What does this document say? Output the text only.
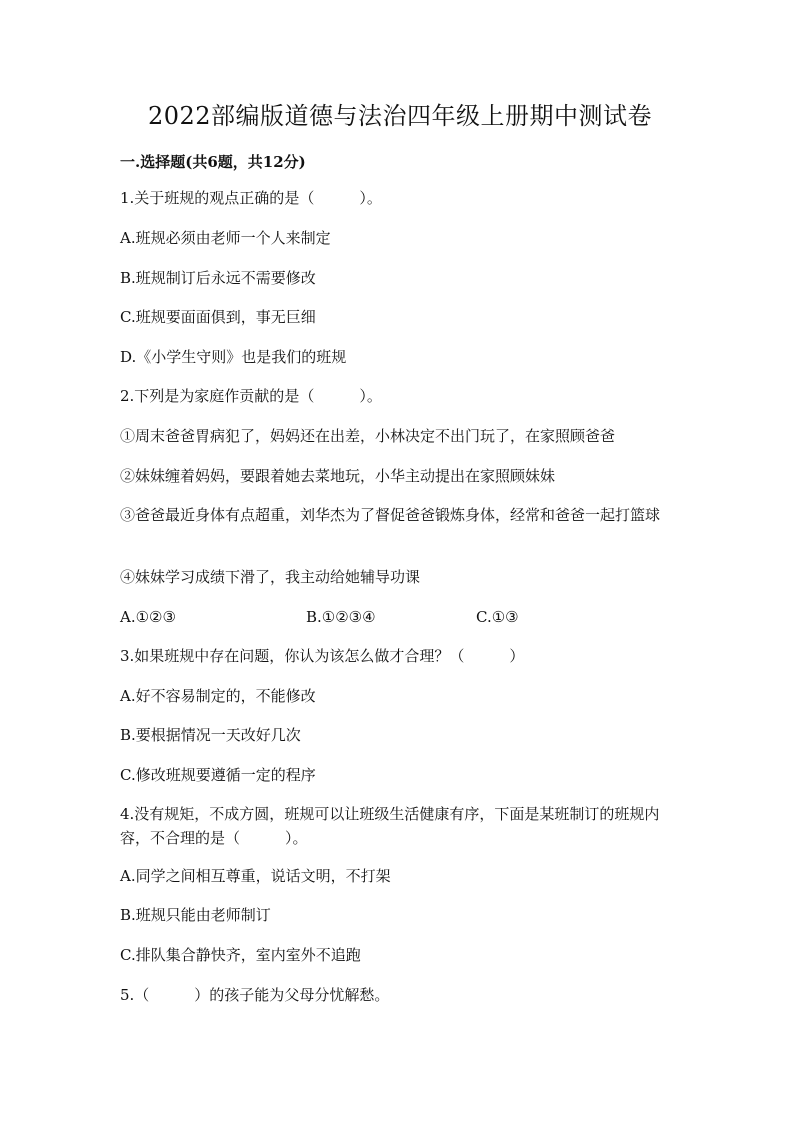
2022部编版道德与法治四年级上册期中测试卷
一.选择题(共6题，共12分)
1.关于班规的观点正确的是（　　　）。
A.班规必须由老师一个人来制定
B.班规制订后永远不需要修改
C.班规要面面俱到，事无巨细
D.《小学生守则》也是我们的班规
2.下列是为家庭作贡献的是（　　　）。
①周末爸爸胃病犯了，妈妈还在出差，小林决定不出门玩了，在家照顾爸爸
②妹妹缠着妈妈，要跟着她去菜地玩，小华主动提出在家照顾妹妹
③爸爸最近身体有点超重，刘华杰为了督促爸爸锻炼身体，经常和爸爸一起打篮球
④妹妹学习成绩下滑了，我主动给她辅导功课
A.①②③	B.①②③④	C.①③
3.如果班规中存在问题，你认为该怎么做才合理？（　　　）
A.好不容易制定的，不能修改
B.要根据情况一天改好几次
C.修改班规要遵循一定的程序
4.没有规矩，不成方圆，班规可以让班级生活健康有序，下面是某班制订的班规内容，不合理的是（　　　）。
A.同学之间相互尊重，说话文明，不打架
B.班规只能由老师制订
C.排队集合静快齐，室内室外不追跑
5.（　　　）的孩子能为父母分忧解愁。
